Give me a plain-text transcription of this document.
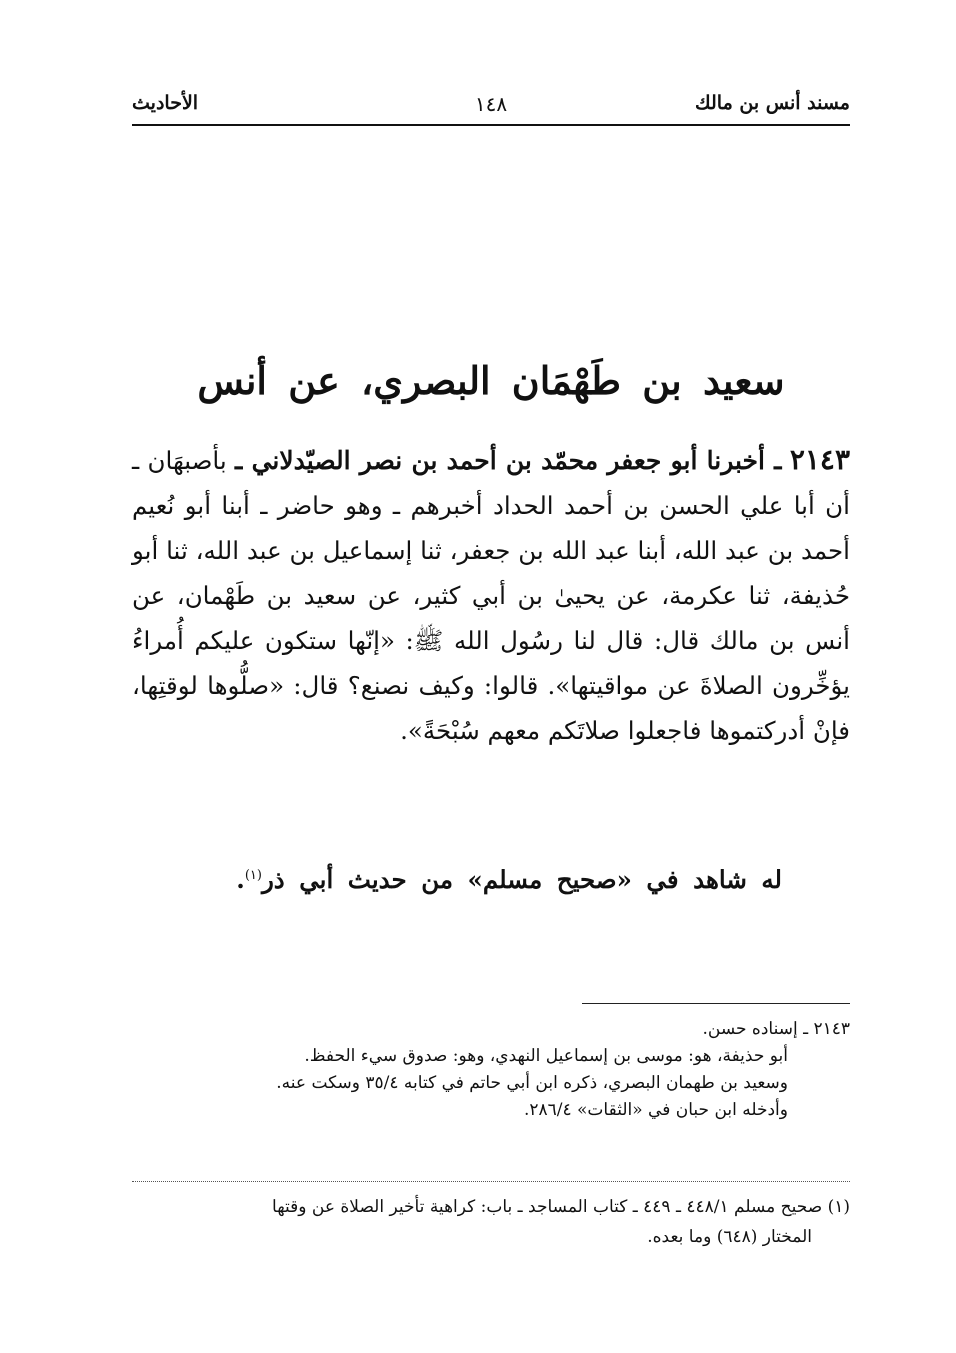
مسند أنس بن مالك
١٤٨
الأحاديث
سعيد بن طَهْمَان البصري، عن أنس
٢١٤٣ ـ أخبرنا أبو جعفر محمّد بن أحمد بن نصر الصيّدلاني ـ بأصبهَان ـ أن أبا علي الحسن بن أحمد الحداد أخبرهم ـ وهو حاضر ـ أبنا أبو نُعيم أحمد بن عبد الله، أبنا عبد الله بن جعفر، ثنا إسماعيل بن عبد الله، ثنا أبو حُذيفة، ثنا عكرمة، عن يحيىٰ بن أبي كثير، عن سعيد بن طَهْمان، عن أنس بن مالك قال: قال لنا رسُول الله ﷺ: «إنّها ستكون عليكم أُمراءُ يؤخِّرون الصلاةَ عن مواقيتها». قالوا: وكيف نصنع؟ قال: «صلُّوها لوقتِها، فإنْ أدركتموها فاجعلوا صلاتَكم معهم سُبْحَةً».
له شاهد في «صحيح مسلم» من حديث أبي ذر$^{(١)}$.
٢١٤٣ ـ إسناده حسن.
أبو حذيفة، هو: موسى بن إسماعيل النهدي، وهو: صدوق سيء الحفظ.
وسعيد بن طهمان البصري، ذكره ابن أبي حاتم في كتابه ٣٥/٤ وسكت عنه.
وأدخله ابن حبان في «الثقات» ٢٨٦/٤.
(١) صحيح مسلم ٤٤٨/١ ـ ٤٤٩ ـ كتاب المساجد ـ باب: كراهية تأخير الصلاة عن وقتها
المختار (٦٤٨) وما بعده.
